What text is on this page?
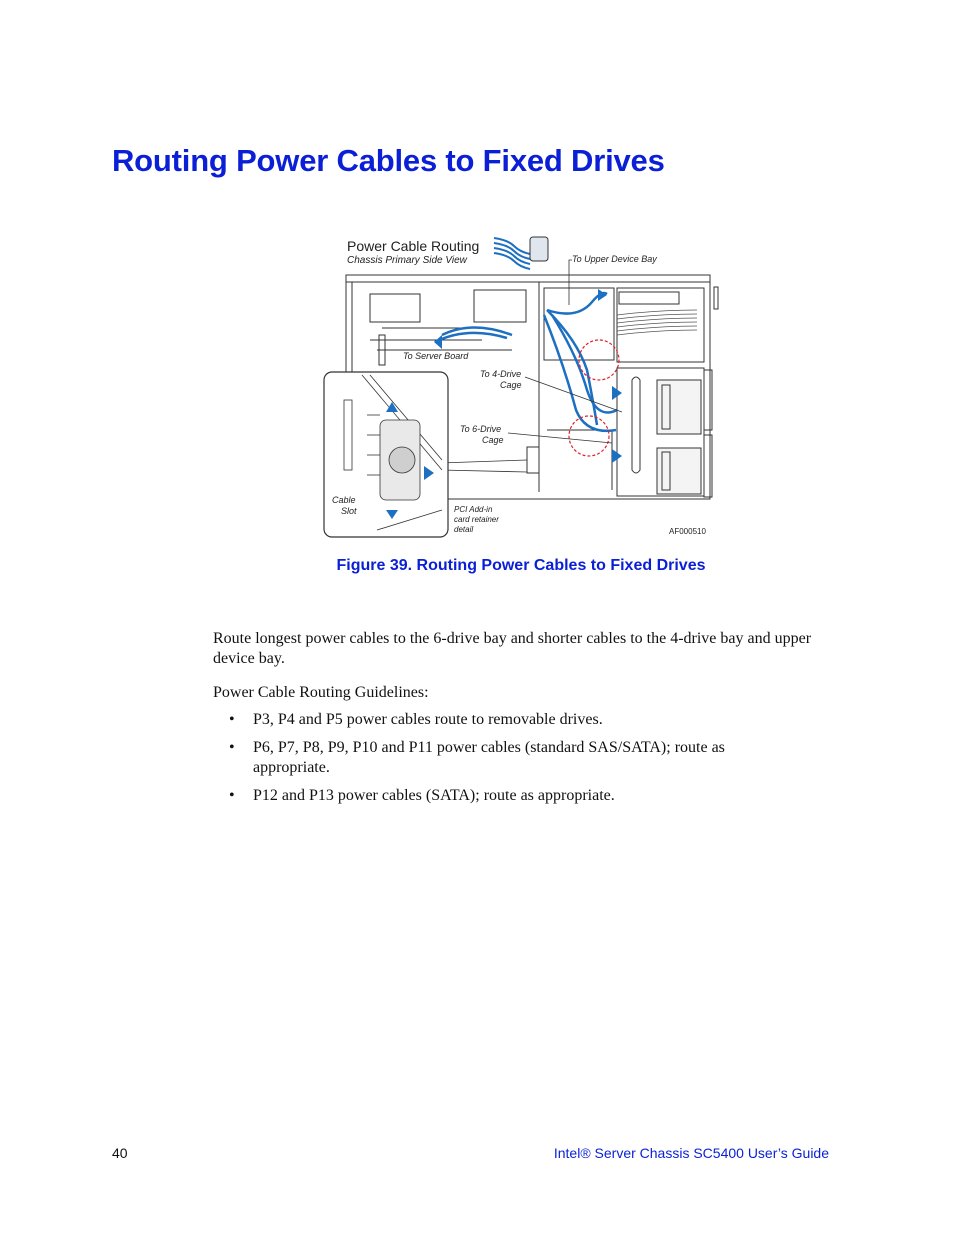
Routing Power Cables to Fixed Drives
Power Cable Routing
Chassis Primary Side View
Cable
Slot
To Upper Device Bay
To Server Board
To 4-Drive
Cage
To 6-Drive
Cage
PCI Add-in
card retainer
detail	AF000510

Figure 39. Routing Power Cables to Fixed Drives

Route longest power cables to the 6-drive bay and shorter cables to the 4-drive bay and upper device bay.

Power Cable Routing Guidelines:

• P3, P4 and P5 power cables route to removable drives.
• P6, P7, P8, P9, P10 and P11 power cables (standard SAS/SATA); route as appropriate.
• P12 and P13 power cables (SATA); route as appropriate.
40	Intel® Server Chassis SC5400 User’s Guide
